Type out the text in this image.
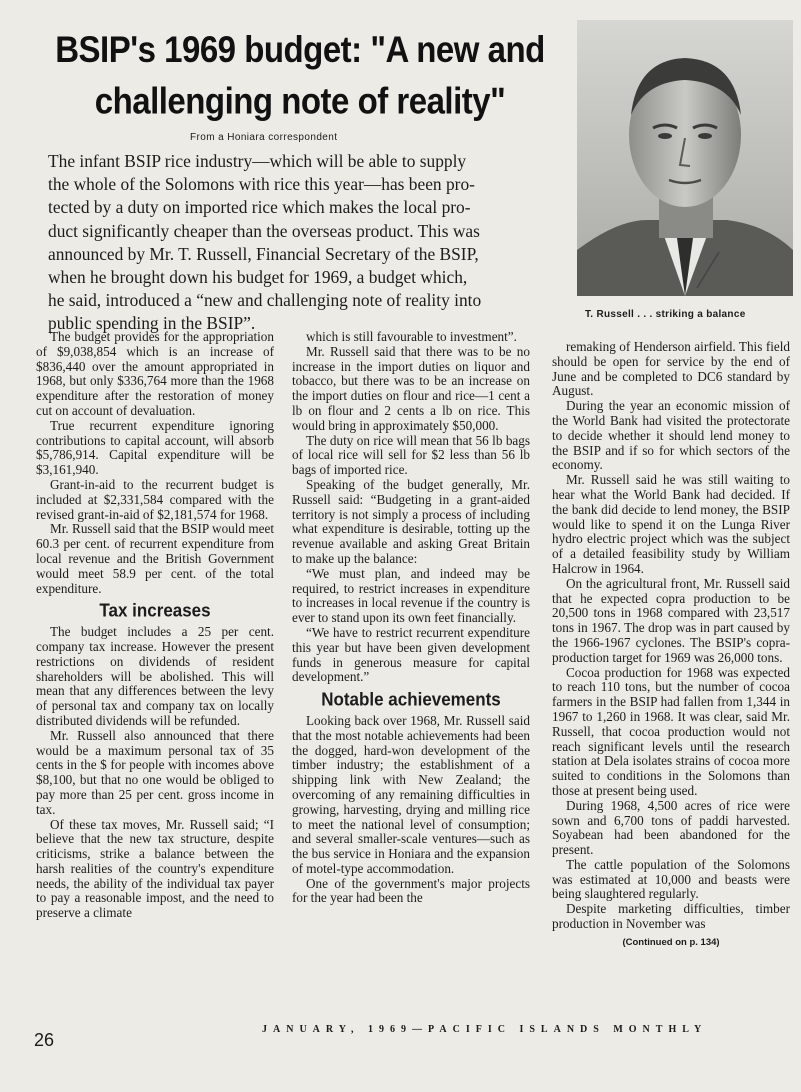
BSIP's 1969 budget: "A new and
challenging note of reality"
From a Honiara correspondent

The infant BSIP rice industry—which will be able to supply
the whole of the Solomons with rice this year—has been pro-
tected by a duty on imported rice which makes the local pro-
duct significantly cheaper than the overseas product. This was
announced by Mr. T. Russell, Financial Secretary of the BSIP,
when he brought down his budget for 1969, a budget which,
he said, introduced a “new and challenging note of reality into
public spending in the BSIP”.	T. Russell . . . striking a balance

The budget provides for the appropriation of $9,038,854 which is an increase of $836,440 over the amount appropriated in 1968, but only $336,764 more than the 1968 expenditure after the restoration of money cut on account of devaluation.

True recurrent expenditure ignoring contributions to capital account, will absorb $5,786,914. Capital expenditure will be $3,161,940.

Grant-in-aid to the recurrent budget is included at $2,331,584 compared with the revised grant-in-aid of $2,181,574 for 1968.

Mr. Russell said that the BSIP would meet 60.3 per cent. of recurrent expenditure from local revenue and the British Government would meet 58.9 per cent. of the total expenditure.

Tax increases

The budget includes a 25 per cent. company tax increase. However the present restrictions on dividends of resident shareholders will be abolished. This will mean that any differences between the levy of personal tax and company tax on locally distributed dividends will be refunded.

Mr. Russell also announced that there would be a maximum personal tax of 35 cents in the $ for people with incomes above $8,100, but that no one would be obliged to pay more than 25 per cent. gross income in tax.

Of these tax moves, Mr. Russell said; “I believe that the new tax structure, despite criticisms, strike a balance between the harsh realities of the country's expenditure needs, the ability of the individual tax payer to pay a reasonable impost, and the need to preserve a climate

which is still favourable to investment”.

Mr. Russell said that there was to be no increase in the import duties on liquor and tobacco, but there was to be an increase on the import duties on flour and rice—1 cent a lb on flour and 2 cents a lb on rice. This would bring in approximately $50,000.

The duty on rice will mean that 56 lb bags of local rice will sell for $2 less than 56 lb bags of imported rice.

Speaking of the budget generally, Mr. Russell said: “Budgeting in a grant-aided territory is not simply a process of including what expenditure is desirable, totting up the revenue available and asking Great Britain to make up the balance:

“We must plan, and indeed may be required, to restrict increases in expenditure to increases in local revenue if the country is ever to stand upon its own feet financially.

“We have to restrict recurrent expenditure this year but have been given development funds in generous measure for capital development.”

Notable achievements

Looking back over 1968, Mr. Russell said that the most notable achievements had been the dogged, hard-won development of the timber industry; the establishment of a shipping link with New Zealand; the overcoming of any remaining difficulties in growing, harvesting, drying and milling rice to meet the national level of consumption; and several smaller-scale ventures—such as the bus service in Honiara and the expansion of motel-type accommodation.

One of the government's major projects for the year had been the

remaking of Henderson airfield. This field should be open for service by the end of June and be completed to DC6 standard by August.

During the year an economic mission of the World Bank had visited the protectorate to decide whether it should lend money to the BSIP and if so for which sectors of the economy.

Mr. Russell said he was still waiting to hear what the World Bank had decided. If the bank did decide to lend money, the BSIP would like to spend it on the Lunga River hydro electric project which was the subject of a detailed feasibility study by William Halcrow in 1964.

On the agricultural front, Mr. Russell said that he expected copra production to be 20,500 tons in 1968 compared with 23,517 tons in 1967. The drop was in part caused by the 1966-1967 cyclones. The BSIP's copra-production target for 1969 was 26,000 tons.

Cocoa production for 1968 was expected to reach 110 tons, but the number of cocoa farmers in the BSIP had fallen from 1,344 in 1967 to 1,260 in 1968. It was clear, said Mr. Russell, that cocoa production would not reach significant levels until the research station at Dela isolates strains of cocoa more suited to conditions in the Solomons than those at present being used.

During 1968, 4,500 acres of rice were sown and 6,700 tons of paddi harvested. Soyabean had been abandoned for the present.

The cattle population of the Solomons was estimated at 10,000 and beasts were being slaughtered regularly.

Despite marketing difficulties, timber production in November was

(Continued on p. 134)
26
JANUARY, 1969—PACIFIC ISLANDS MONTHLY
